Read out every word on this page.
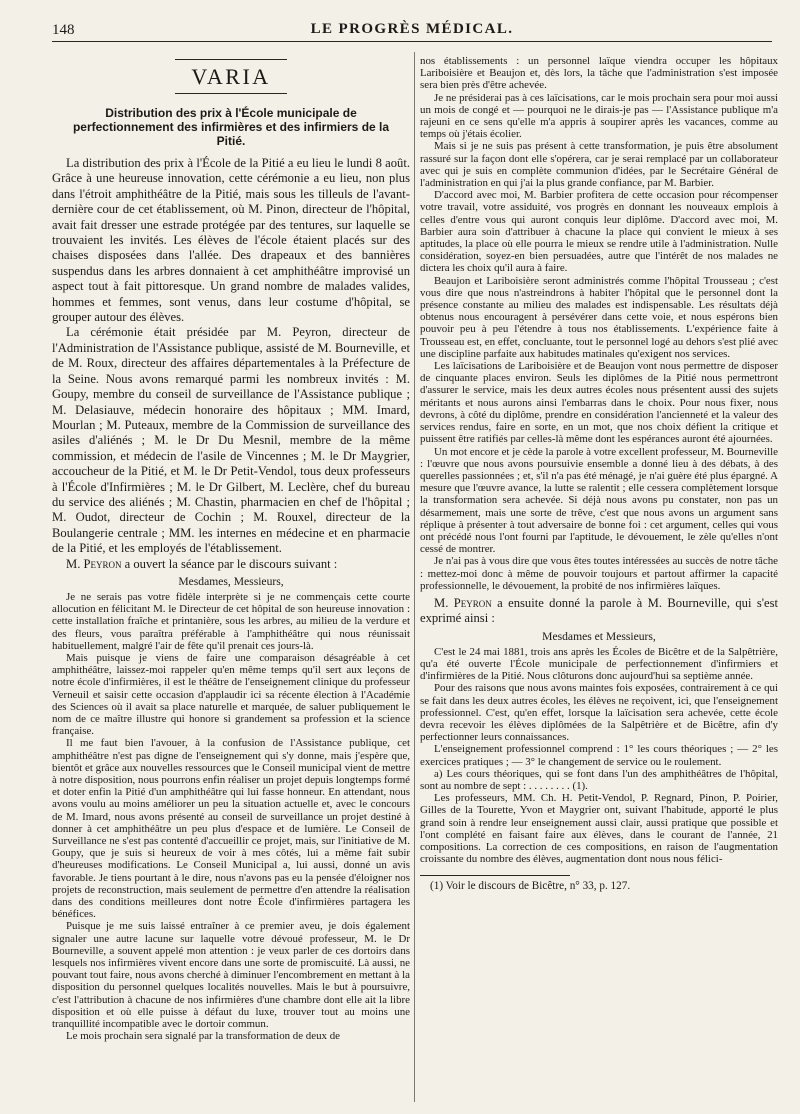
148	LE PROGRÈS MÉDICAL.
VARIA
Distribution des prix à l'École municipale de perfectionnement des infirmières et des infirmiers de la Pitié.

La distribution des prix à l'École de la Pitié a eu lieu le lundi 8 août. Grâce à une heureuse innovation, cette cérémonie a eu lieu, non plus dans l'étroit amphithéâtre de la Pitié, mais sous les tilleuls de l'avant-dernière cour de cet établissement, où M. Pinon, directeur de l'hôpital, avait fait dresser une estrade protégée par des tentures, sur laquelle se trouvaient les invités. Les élèves de l'école étaient placés sur des chaises disposées dans l'allée. Des drapeaux et des bannières suspendus dans les arbres donnaient à cet amphithéâtre improvisé un aspect tout à fait pittoresque. Un grand nombre de malades valides, hommes et femmes, sont venus, dans leur costume d'hôpital, se grouper autour des élèves.

La cérémonie était présidée par M. Peyron, directeur de l'Administration de l'Assistance publique, assisté de M. Bourneville, et de M. Roux, directeur des affaires départementales à la Préfecture de la Seine. Nous avons remarqué parmi les nombreux invités : M. Goupy, membre du conseil de surveillance de l'Assistance publique ; M. Delasiauve, médecin honoraire des hôpitaux ; MM. Imard, Mourlan ; M. Puteaux, membre de la Commission de surveillance des asiles d'aliénés ; M. le Dr Du Mesnil, membre de la même commission, et médecin de l'asile de Vincennes ; M. le Dr Maygrier, accoucheur de la Pitié, et M. le Dr Petit-Vendol, tous deux professeurs à l'École d'Infirmières ; M. le Dr Gilbert, M. Leclère, chef du bureau du service des aliénés ; M. Chastin, pharmacien en chef de l'hôpital ; M. Oudot, directeur de Cochin ; M. Rouxel, directeur de la Boulangerie centrale ; MM. les internes en médecine et en pharmacie de la Pitié, et les employés de l'établissement.

M. Peyron a ouvert la séance par le discours suivant :

Mesdames, Messieurs,

Je ne serais pas votre fidèle interprète si je ne commençais cette courte allocution en félicitant M. le Directeur de cet hôpital de son heureuse innovation : cette installation fraîche et printanière, sous les arbres, au milieu de la verdure et des fleurs, vous paraîtra préférable à l'amphithéâtre qui nous réunissait habituellement, malgré l'air de fête qu'il prenait ces jours-là.

Mais puisque je viens de faire une comparaison désagréable à cet amphithéâtre, laissez-moi rappeler qu'en même temps qu'il sert aux leçons de notre école d'infirmières, il est le théâtre de l'enseignement clinique du professeur Verneuil et saisir cette occasion d'applaudir ici sa récente élection à l'Académie des Sciences où il avait sa place naturelle et marquée, de saluer publiquement le nom de ce maître illustre qui honore si grandement sa profession et la science française.

Il me faut bien l'avouer, à la confusion de l'Assistance publique, cet amphithéâtre n'est pas digne de l'enseignement qui s'y donne, mais j'espère que, bientôt et grâce aux nouvelles ressources que le Conseil municipal vient de mettre à notre disposition, nous pourrons enfin réaliser un projet depuis longtemps formé et doter enfin la Pitié d'un amphithéâtre qui lui fasse honneur. En attendant, nous avons voulu au moins améliorer un peu la situation actuelle et, avec le concours de M. Imard, nous avons présenté au conseil de surveillance un projet destiné à donner à cet amphithéâtre un peu plus d'espace et de lumière. Le Conseil de Surveillance ne s'est pas contenté d'accueillir ce projet, mais, sur l'initiative de M. Goupy, que je suis si heureux de voir à mes côtés, lui a même fait subir d'heureuses modifications. Le Conseil Municipal a, lui aussi, donné un avis favorable. Je tiens pourtant à le dire, nous n'avons pas eu la pensée d'éloigner nos projets de reconstruction, mais seulement de permettre d'en attendre la réalisation dans des conditions meilleures dont notre École d'infirmières partagera les bénéfices.

Puisque je me suis laissé entraîner à ce premier aveu, je dois également signaler une autre lacune sur laquelle votre dévoué professeur, M. le Dr Bourneville, a souvent appelé mon attention : je veux parler de ces dortoirs dans lesquels nos infirmières vivent encore dans une sorte de promiscuité. Là aussi, ne pouvant tout faire, nous avons cherché à diminuer l'encombrement en mettant à la disposition du personnel quelques localités nouvelles. Mais le but à poursuivre, c'est l'attribution à chacune de nos infirmières d'une chambre dont elle ait la libre disposition et où elle puisse à défaut du luxe, trouver tout au moins une tranquillité incompatible avec le dortoir commun.

Le mois prochain sera signalé par la transformation de deux de

nos établissements : un personnel laïque viendra occuper les hôpitaux Lariboisière et Beaujon et, dès lors, la tâche que l'administration s'est imposée sera bien près d'être achevée.

Je ne présiderai pas à ces laïcisations, car le mois prochain sera pour moi aussi un mois de congé et — pourquoi ne le dirais-je pas — l'Assistance publique m'a rajeuni en ce sens qu'elle m'a appris à soupirer après les vacances, comme au temps où j'étais écolier.

Mais si je ne suis pas présent à cette transformation, je puis être absolument rassuré sur la façon dont elle s'opérera, car je serai remplacé par un collaborateur avec qui je suis en complète communion d'idées, par le Secrétaire Général de l'administration en qui j'ai la plus grande confiance, par M. Barbier.

D'accord avec moi, M. Barbier profitera de cette occasion pour récompenser votre travail, votre assiduité, vos progrès en donnant les nouveaux emplois à celles d'entre vous qui auront conquis leur diplôme. D'accord avec moi, M. Barbier aura soin d'attribuer à chacune la place qui convient le mieux à ses aptitudes, la place où elle pourra le mieux se rendre utile à l'administration. Nulle considération, soyez-en bien persuadées, autre que l'intérêt de nos malades ne dictera les choix qu'il aura à faire.

Beaujon et Lariboisière seront administrés comme l'hôpital Trousseau ; c'est vous dire que nous n'astreindrons à habiter l'hôpital que le personnel dont la présence constante au milieu des malades est indispensable. Les résultats déjà obtenus nous encouragent à persévérer dans cette voie, et nous espérons bien pouvoir peu à peu l'étendre à tous nos établissements. L'expérience faite à Trousseau est, en effet, concluante, tout le personnel logé au dehors s'est plié avec une discipline parfaite aux habitudes matinales qu'exigent nos services.

Les laïcisations de Lariboisière et de Beaujon vont nous permettre de disposer de cinquante places environ. Seuls les diplômes de la Pitié nous permettront d'assurer le service, mais les deux autres écoles nous présentent aussi des sujets méritants et nous aurons ainsi l'embarras dans le choix. Pour nous fixer, nous devrons, à côté du diplôme, prendre en considération l'ancienneté et la valeur des services rendus, faire en sorte, en un mot, que nos choix défient la critique et puissent être ratifiés par celles-là même dont les espérances auront été ajournées.

Un mot encore et je cède la parole à votre excellent professeur, M. Bourneville : l'œuvre que nous avons poursuivie ensemble a donné lieu à des débats, à des querelles passionnées ; et, s'il n'a pas été ménagé, je n'ai guère été plus épargné. A mesure que l'œuvre avance, la lutte se ralentit ; elle cessera complètement lorsque la transformation sera achevée. Si déjà nous avons pu constater, non pas un désarmement, mais une sorte de trêve, c'est que nous avons un argument sans réplique à présenter à tout adversaire de bonne foi : cet argument, celles qui vous ont précédé nous l'ont fourni par l'aptitude, le dévouement, le zèle qu'elles n'ont cessé de montrer.

Je n'ai pas à vous dire que vous êtes toutes intéressées au succès de notre tâche : mettez-moi donc à même de pouvoir toujours et partout affirmer la capacité professionnelle, le dévouement, la probité de nos infirmières laïques.

M. Peyron a ensuite donné la parole à M. Bourneville, qui s'est exprimé ainsi :

Mesdames et Messieurs,

C'est le 24 mai 1881, trois ans après les Écoles de Bicêtre et de la Salpêtrière, qu'a été ouverte l'École municipale de perfectionnement d'infirmiers et d'infirmières de la Pitié. Nous clôturons donc aujourd'hui sa septième année.

Pour des raisons que nous avons maintes fois exposées, contrairement à ce qui se fait dans les deux autres écoles, les élèves ne reçoivent, ici, que l'enseignement professionnel. C'est, qu'en effet, lorsque la laïcisation sera achevée, cette école devra recevoir les élèves diplômées de la Salpêtrière et de Bicêtre, afin d'y perfectionner leurs connaissances.

L'enseignement professionnel comprend : 1° les cours théoriques ; — 2° les exercices pratiques ; — 3° le changement de service ou le roulement.

a) Les cours théoriques, qui se font dans l'un des amphithéâtres de l'hôpital, sont au nombre de sept : . . . . . . . . (1).

Les professeurs, MM. Ch. H. Petit-Vendol, P. Regnard, Pinon, P. Poirier, Gilles de la Tourette, Yvon et Maygrier ont, suivant l'habitude, apporté le plus grand soin à rendre leur enseignement aussi clair, aussi pratique que possible et l'ont complété en faisant faire aux élèves, dans le courant de l'année, 21 compositions. La correction de ces compositions, en raison de l'augmentation croissante du nombre des élèves, augmentation dont nous nous félici-

(1) Voir le discours de Bicêtre, n° 33, p. 127.
